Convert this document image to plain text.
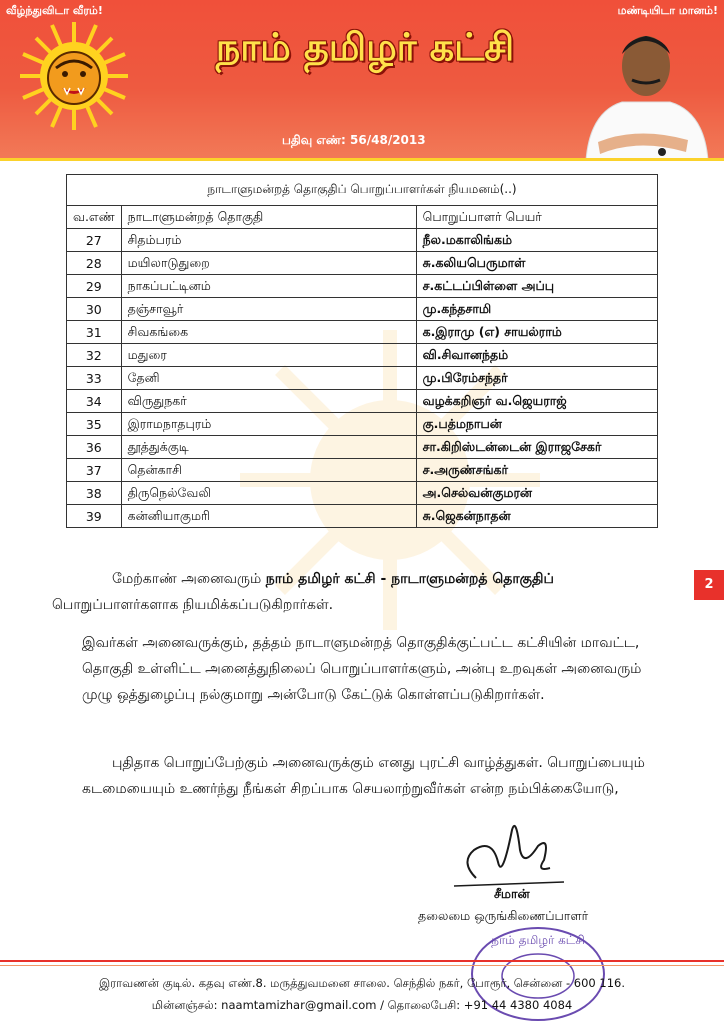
வீழ்ந்துவிடா வீரம்!	மண்டியிடா மானம்!
நாம் தமிழர் கட்சி
பதிவு எண்: 56/48/2013
நாடாளுமன்றத் தொகுதிப் பொறுப்பாளர்கள் நியமனம்(..)		
வ.எண்	நாடாளுமன்றத் தொகுதி	பொறுப்பாளர் பெயர்
27	சிதம்பரம்	நீல.மகாலிங்கம்
28	மயிலாடுதுறை	சு.கலியபெருமாள்
29	நாகப்பட்டினம்	ச.கட்டப்பிள்ளை அப்பு
30	தஞ்சாவூர்	மு.கந்தசாமி
31	சிவகங்கை	க.இராமு (எ) சாயல்ராம்
32	மதுரை	வி.சிவானந்தம்
33	தேனி	மு.பிரேம்சந்தர்
34	விருதுநகர்	வழக்கறிஞர் வ.ஜெயராஜ்
35	இராமநாதபுரம்	கு.பத்மநாபன்
36	தூத்துக்குடி	சா.கிறிஸ்டன்டைன் இராஜசேகர்
37	தென்காசி	ச.அருண்சங்கர்
38	திருநெல்வேலி	அ.செல்வன்குமரன்
39	கன்னியாகுமரி	சு.ஜெகன்நாதன்
மேற்காண் அனைவரும் நாம் தமிழர் கட்சி - நாடாளுமன்றத் தொகுதிப்
பொறுப்பாளர்களாக நியமிக்கப்படுகிறார்கள்.
இவர்கள் அனைவருக்கும், தத்தம் நாடாளுமன்றத் தொகுதிக்குட்பட்ட கட்சியின் மாவட்ட, தொகுதி உள்ளிட்ட அனைத்துநிலைப் பொறுப்பாளர்களும், அன்பு உறவுகள் அனைவரும் முழு ஒத்துழைப்பு நல்குமாறு அன்போடு கேட்டுக் கொள்ளப்படுகிறார்கள்.
புதிதாக பொறுப்பேற்கும் அனைவருக்கும் எனது புரட்சி வாழ்த்துகள். பொறுப்பையும் கடமையையும் உணர்ந்து நீங்கள் சிறப்பாக செயலாற்றுவீர்கள் என்ற நம்பிக்கையோடு,
2
சீமான்
தலைமை ஒருங்கிணைப்பாளர்
நாம் தமிழர் கட்சி
இராவணன் குடில். கதவு எண்.8. மருத்துவமனை சாலை. செந்தில் நகர், போரூர், சென்னை - 600 116.
மின்னஞ்சல்: naamtamizhar@gmail.com / தொலைபேசி: +91 44 4380 4084
